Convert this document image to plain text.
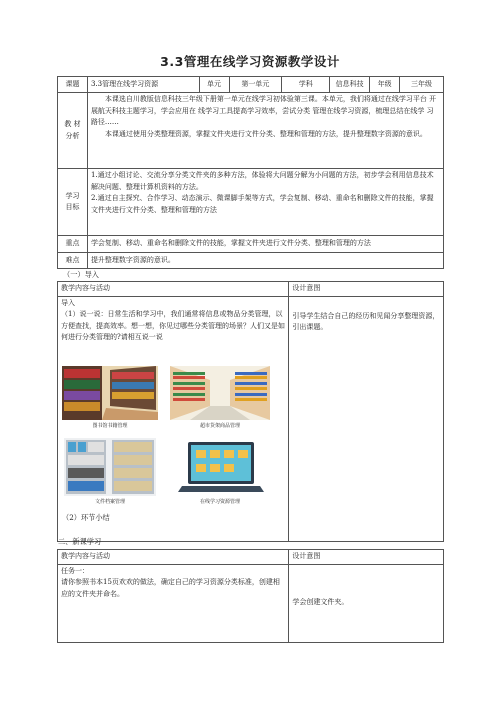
3.3管理在线学习资源教学设计
课题	3.3管理在线学习资源	单元	第一单元	学科	信息科技	年级	三年级
教 材 分析	本课选自川教版信息科技三年级下册第一单元在线学习初体验第三课。本单元，我们将通过在线学习平台 开展航天科技主题学习，学会应用在 线学习工具提高学习效率，尝试分类 管理在线学习资源，梳理总结在线学 习路径……

本课通过使用分类整理资源，掌握文件夹进行文件分类、整理和管理的方法，提升整理数字资源的意识。						

学习 目标	1.通过小组讨论、交流分享分类文件夹的多种方法，体验将大问题分解为小问题的方法，初步学会利用信息技术解决问题、整理计算机资料的方法。
2.通过自主探究、合作学习、动态演示、微课脚手架等方式，学会复制、移动、重命名和删除文件的技能，掌握文件夹进行文件分类、整理和管理的方法						

重点	学会复制、移动、重命名和删除文件的技能，掌握文件夹进行文件分类、整理和管理的方法						
难点	提升整理数字资源的意识。						
（一）导入
教学内容与活动	设计意图

导入
（1）说一说：日常生活和学习中，我们通常将信息或物品分类管理，以方便查找，提高效率。想一想，你见过哪些分类管理的场景？人们又是如何进行分类管理的?请相互说一说	引导学生结合自己的经历和见闻分享整理资源，引出课题。
图书馆书籍管理	超市货架商品管理
文件档案管理	在线学习资源管理
（2）环节小结
二、新课学习
教学内容与活动	设计意图

任务一：
请你参照书本15页欢欢的做法，确定自己的学习资源分类标准，创建相应的文件夹并命名。	学会创建文件夹。
